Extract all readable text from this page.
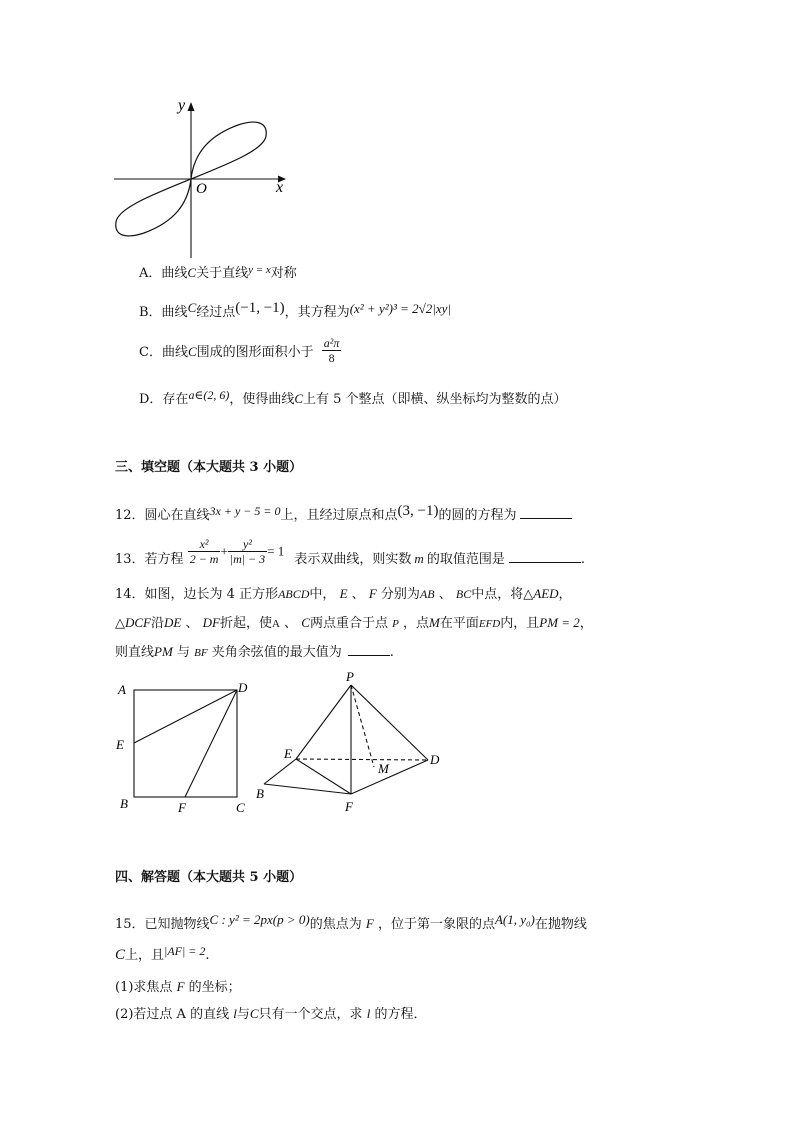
y
x
O
A．曲线C关于直线$^{y = x}$对称
B．曲线C经过点(−1, −1)，其方程为(x² + y²)³ = 2√2|xy|
C．曲线C围成的图形面积小于 $\frac{\text{a²π}}{8}$
D．存在a∈(2, 6)，使得曲线C上有 5 个整点（即横、纵坐标均为整数的点）
三、填空题（本大题共 3 小题）
12．圆心在直线3x + y − 5 = 0上，且经过原点和点(3, −1)的圆的方程为
13．若方程 $\frac{\text{x²}}{2 - m} + \frac{\text{y²}}{|m| - 3} = 1$ 表示双曲线，则实数 m 的取值范围是	.
14．如图，边长为 4 正方形ABCD中， E 、 F 分别为AB 、 BC中点，将△AED，
△DCF沿DE 、 DF折起，使A 、 C两点重合于点 P ，点M在平面EFD内，且PM = 2，
则直线PM 与 BF 夹角余弦值的最大值为	.
A	D
E
B	F	C
P
E
M
D
B
F
四、解答题（本大题共 5 小题）
15．已知抛物线C : y² = 2px(p > 0)的焦点为 F ，位于第一象限的点A(1, y₀)在抛物线
C上，且|AF| = 2.
(1)求焦点 F 的坐标；
(2)若过点 A 的直线 l与C只有一个交点，求 l 的方程．
